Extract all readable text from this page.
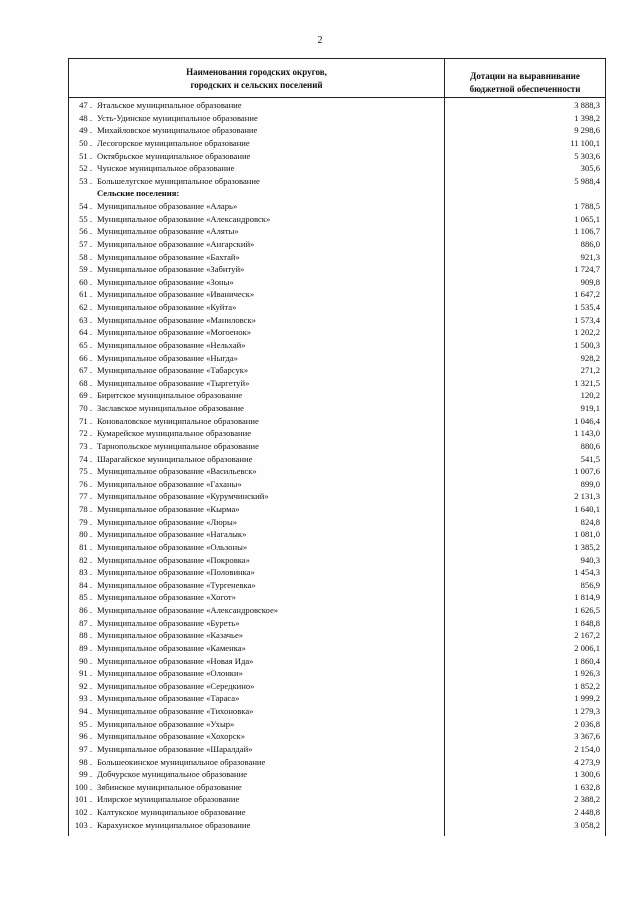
2
Наименования городских округов,
городских и сельских поселений
Дотации на выравнивание
бюджетной обеспеченности
47 . Ятальское муниципальное образование	3 888,3
48 . Усть-Удинское муниципальное образование	1 398,2
49 . Михайловское муниципальное образование	9 298,6
50 . Лесогорское муниципальное образование	11 100,1
51 . Октябрьское муниципальное образование	5 303,6
52 . Чунское муниципальное образование	305,6
53 . Большелугское муниципальное образование	5 988,4
Сельские поселения:
54 . Муниципальное образование «Аларь»	1 788,5
55 . Муниципальное образование «Александровск»	1 065,1
56 . Муниципальное образование «Аляты»	1 106,7
57 . Муниципальное образование «Ангарский»	886,0
58 . Муниципальное образование «Бахтай»	921,3
59 . Муниципальное образование «Забитуй»	1 724,7
60 . Муниципальное образование «Зоны»	909,8
61 . Муниципальное образование «Иваническ»	1 647,2
62 . Муниципальное образование «Куйта»	1 535,4
63 . Муниципальное образование «Маниловск»	1 573,4
64 . Муниципальное образование «Могоенок»	1 202,2
65 . Муниципальное образование «Нельхай»	1 500,3
66 . Муниципальное образование «Ныгда»	928,2
67 . Муниципальное образование «Табарсук»	271,2
68 . Муниципальное образование «Тыргетуй»	1 321,5
69 . Биритское муниципальное образование	120,2
70 . Заславское муниципальное образование	919,1
71 . Коноваловское муниципальное образование	1 046,4
72 . Кумарейское муниципальное образование	1 143,0
73 . Тарнопольское муниципальное образование	880,6
74 . Шарагайское муниципальное образование	541,5
75 . Муниципальное образование «Васильевск»	1 007,6
76 . Муниципальное образование «Гаханы»	899,0
77 . Муниципальное образование «Курумчинский»	2 131,3
78 . Муниципальное образование «Кырма»	1 640,1
79 . Муниципальное образование «Люры»	824,8
80 . Муниципальное образование «Нагалык»	1 081,0
81 . Муниципальное образование «Ользоны»	1 385,2
82 . Муниципальное образование «Покровка»	940,3
83 . Муниципальное образование «Половинка»	1 454,3
84 . Муниципальное образование «Тургеневка»	856,9
85 . Муниципальное образование «Хогот»	1 814,9
86 . Муниципальное образование «Александровское»	1 626,5
87 . Муниципальное образование «Буреть»	1 848,8
88 . Муниципальное образование «Казачье»	2 167,2
89 . Муниципальное образование «Каменка»	2 006,1
90 . Муниципальное образование «Новая Ида»	1 860,4
91 . Муниципальное образование «Олонки»	1 926,3
92 . Муниципальное образование «Середкино»	1 852,2
93 . Муниципальное образование «Тараса»	1 999,2
94 . Муниципальное образование «Тихоновка»	1 279,3
95 . Муниципальное образование «Ухыр»	2 036,8
96 . Муниципальное образование «Хохорск»	3 367,6
97 . Муниципальное образование «Шаралдай»	2 154,0
98 . Большеокинское муниципальное образование	4 273,9
99 . Добчурское муниципальное образование	1 300,6
100 . Зябинское муниципальное образование	1 632,8
101 . Илирское муниципальное образование	2 388,2
102 . Калтукское муниципальное образование	2 448,8
103 . Карахунское муниципальное образование	3 058,2
